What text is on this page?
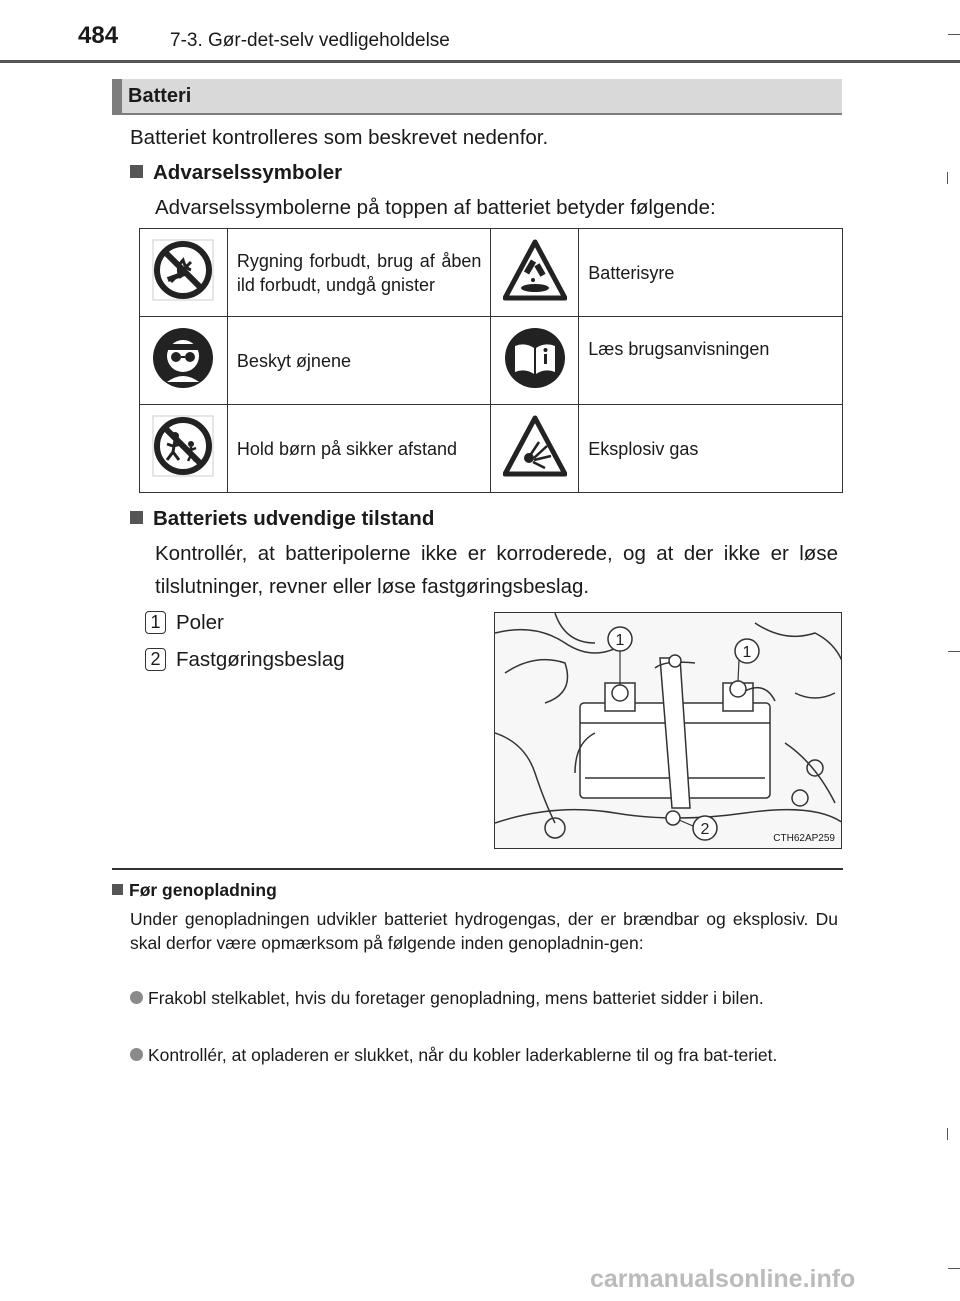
484	7-3. Gør-det-selv vedligeholdelse
Batteri
Batteriet kontrolleres som beskrevet nedenfor.
Advarselssymboler
Advarselssymbolerne på toppen af batteriet betyder følgende:
	Rygning forbudt, brug af åben ild forbudt, undgå gnister		Batterisyre
	Beskyt øjnene		Læs brugsanvisningen
	Hold børn på sikker afstand		Eksplosiv gas
Batteriets udvendige tilstand
Kontrollér, at batteripolerne ikke er korroderede, og at der ikke er løse tilslutninger, revner eller løse fastgøringsbeslag.
1 Poler
2 Fastgøringsbeslag
1
1
2
CTH62AP259
Før genopladning
Under genopladningen udvikler batteriet hydrogengas, der er brændbar og eksplosiv. Du skal derfor være opmærksom på følgende inden genopladnin-gen:
Frakobl stelkablet, hvis du foretager genopladning, mens batteriet sidder i bilen.
Kontrollér, at opladeren er slukket, når du kobler laderkablerne til og fra bat-teriet.
carmanualsonline.info
